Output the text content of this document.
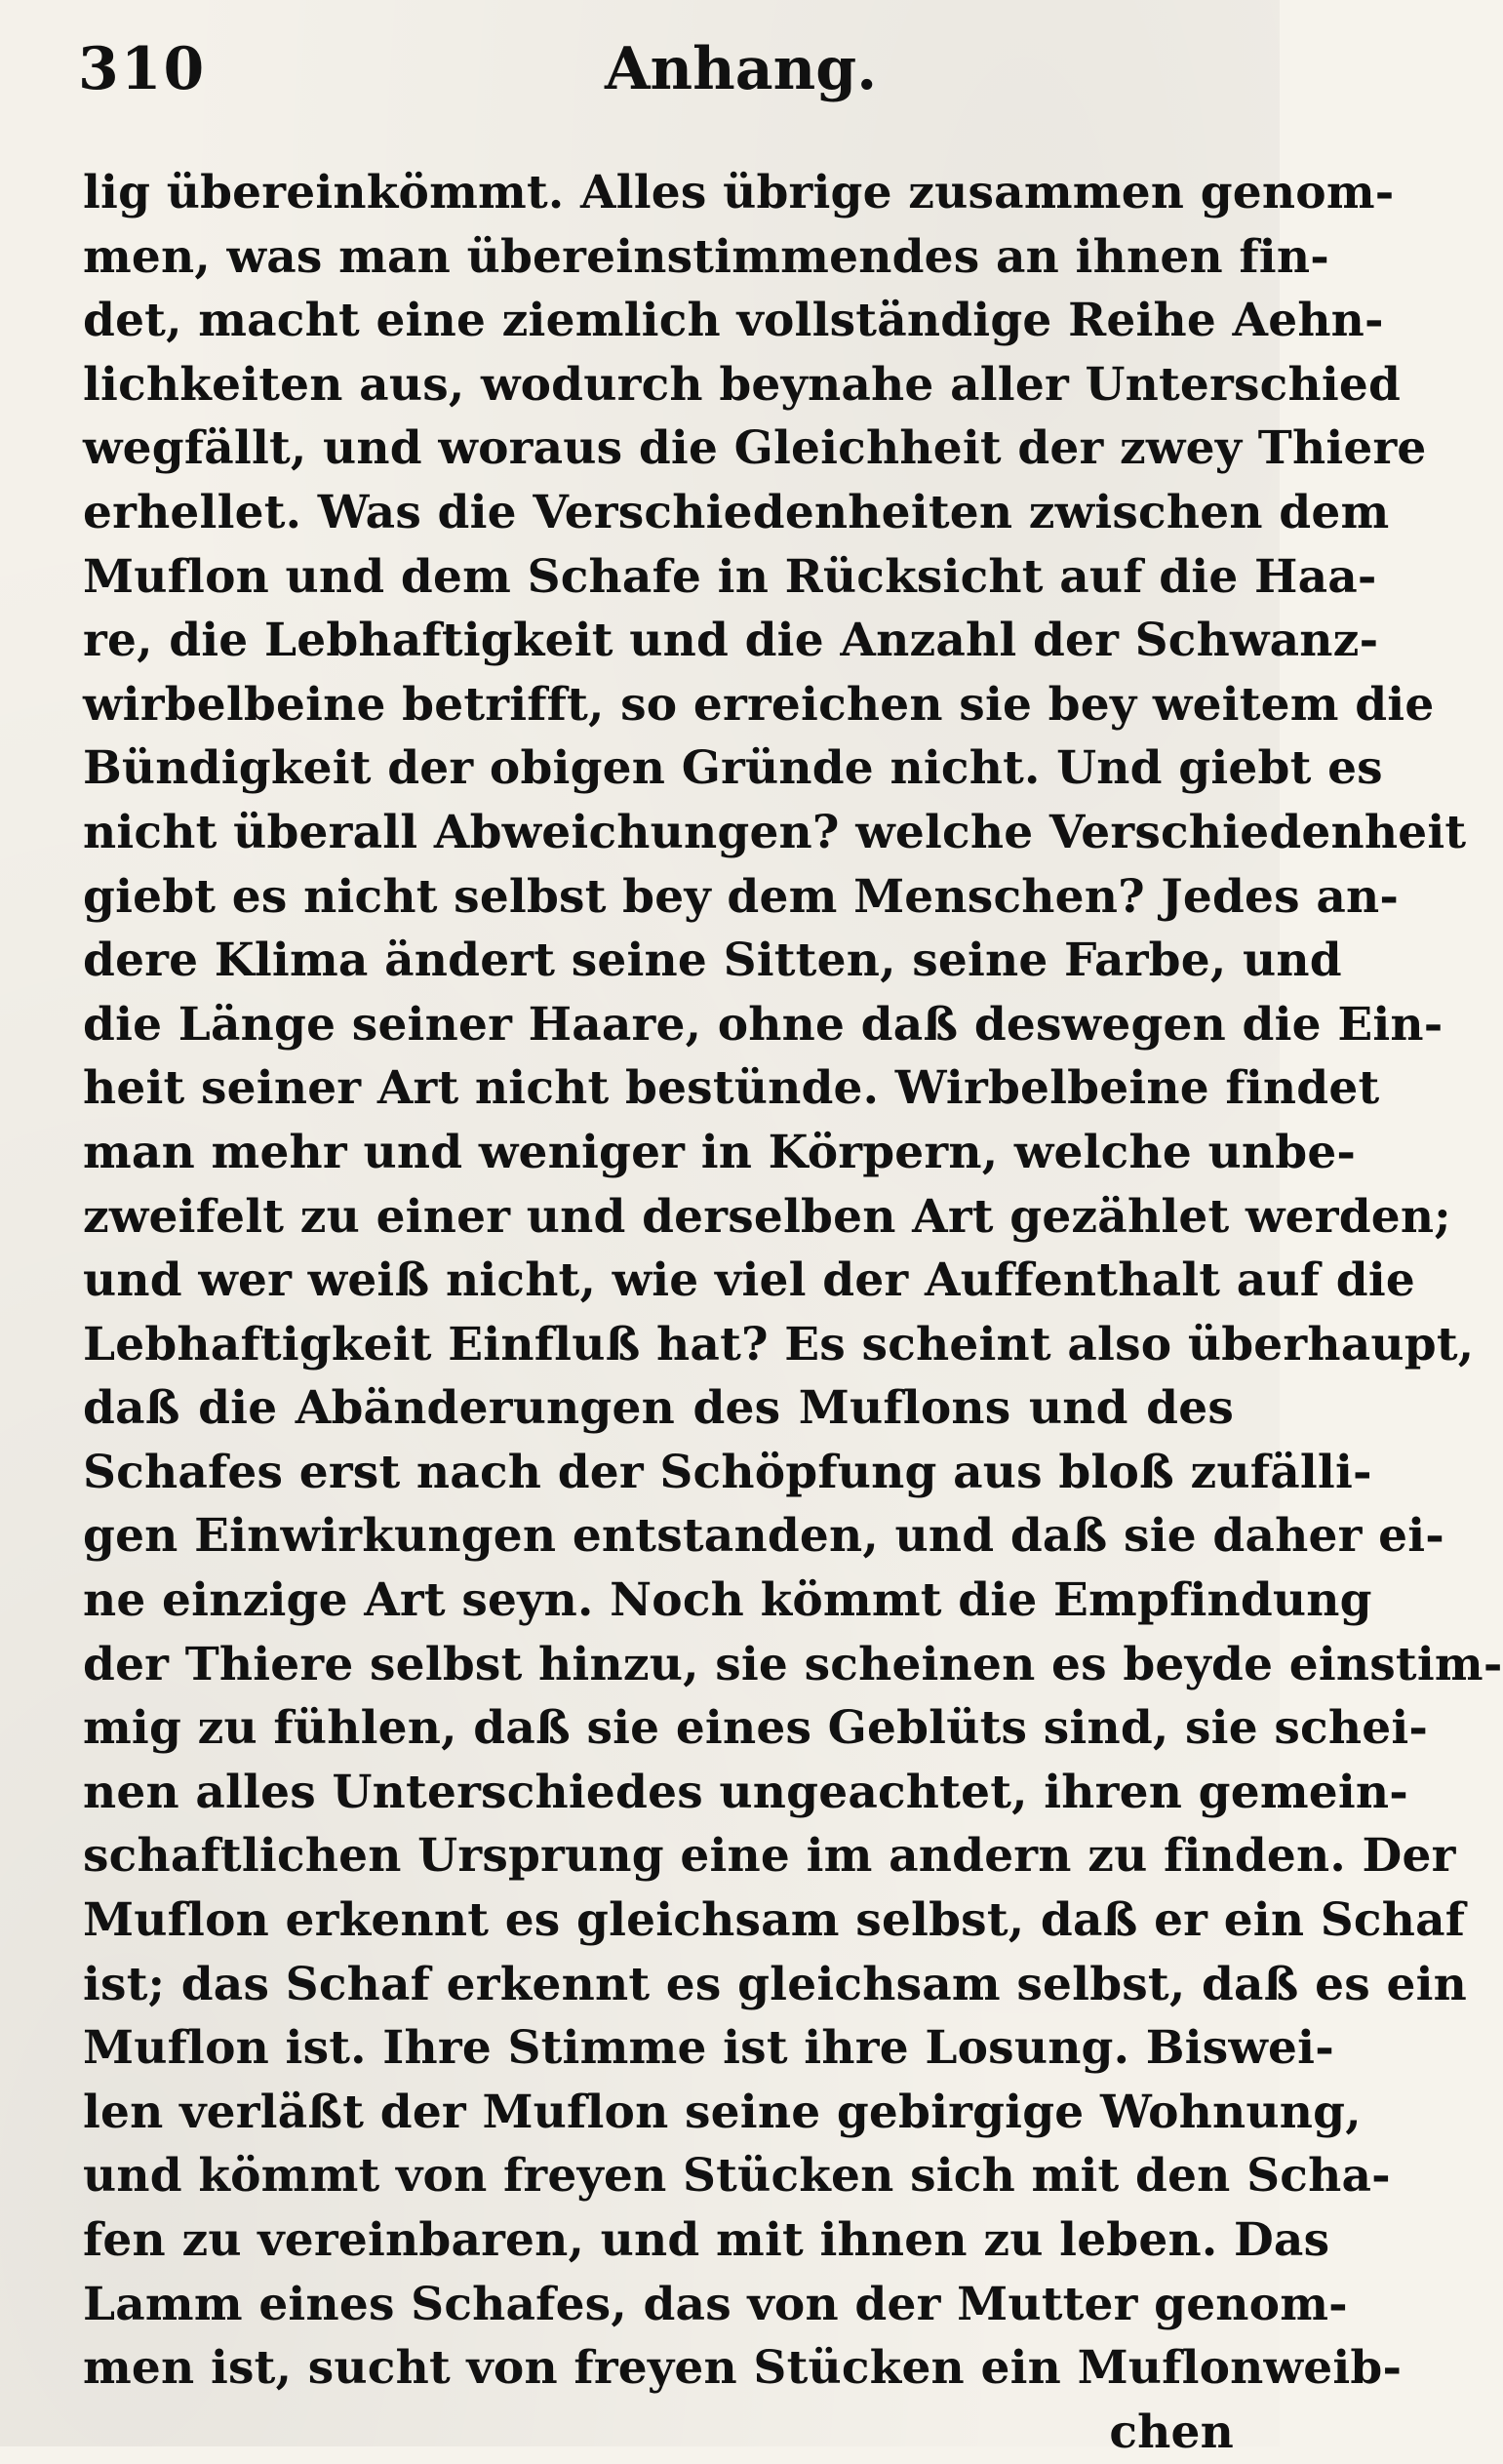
310	Anhang.
lig übereinkömmt. Alles übrige zusammen genom-
men, was man übereinstimmendes an ihnen fin-
det, macht eine ziemlich vollständige Reihe Aehn-
lichkeiten aus, wodurch beynahe aller Unterschied
wegfällt, und woraus die Gleichheit der zwey Thiere
erhellet. Was die Verschiedenheiten zwischen dem
Muflon und dem Schafe in Rücksicht auf die Haa-
re, die Lebhaftigkeit und die Anzahl der Schwanz-
wirbelbeine betrifft, so erreichen sie bey weitem die
Bündigkeit der obigen Gründe nicht. Und giebt es
nicht überall Abweichungen? welche Verschiedenheit
giebt es nicht selbst bey dem Menschen? Jedes an-
dere Klima ändert seine Sitten, seine Farbe, und
die Länge seiner Haare, ohne daß deswegen die Ein-
heit seiner Art nicht bestünde. Wirbelbeine findet
man mehr und weniger in Körpern, welche unbe-
zweifelt zu einer und derselben Art gezählet werden;
und wer weiß nicht, wie viel der Auffenthalt auf die
Lebhaftigkeit Einfluß hat? Es scheint also überhaupt,
daß die Abänderungen des Muflons und des
Schafes erst nach der Schöpfung aus bloß zufälli-
gen Einwirkungen entstanden, und daß sie daher ei-
ne einzige Art seyn. Noch kömmt die Empfindung
der Thiere selbst hinzu, sie scheinen es beyde einstim-
mig zu fühlen, daß sie eines Geblüts sind, sie schei-
nen alles Unterschiedes ungeachtet, ihren gemein-
schaftlichen Ursprung eine im andern zu finden. Der
Muflon erkennt es gleichsam selbst, daß er ein Schaf
ist; das Schaf erkennt es gleichsam selbst, daß es ein
Muflon ist. Ihre Stimme ist ihre Losung. Biswei-
len verläßt der Muflon seine gebirgige Wohnung,
und kömmt von freyen Stücken sich mit den Scha-
fen zu vereinbaren, und mit ihnen zu leben. Das
Lamm eines Schafes, das von der Mutter genom-
men ist, sucht von freyen Stücken ein Muflonweib-
chen
